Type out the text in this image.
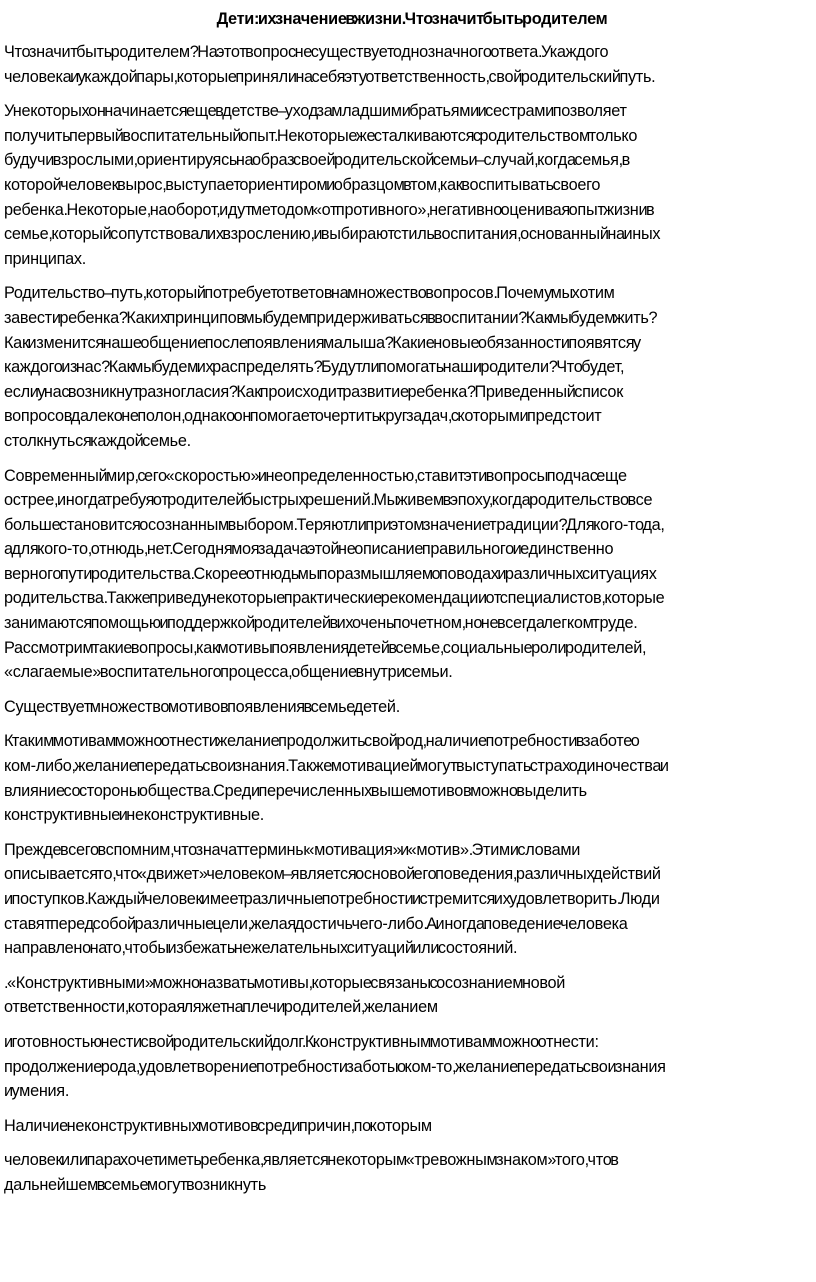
Дети: их значение в жизни. Что значит быть родителем

Что значит быть родителем? На этот вопрос не существует однозначного ответа. У каждого
человека и у каждой пары, которые приняли на себя эту ответственность, свой родительский путь.

У некоторых он начинается еще в детстве – уход за младшими братьями и сестрами позволяет
получить первый воспитательный опыт. Некоторые же сталкиваются с родительством только
будучи взрослыми, ориентируясь на образ своей родительской семьи – случай, когда семья, в
которой человек вырос, выступает ориентиром и образцом в том, как воспитывать своего
ребенка. Некоторые, наоборот, идут методом «от противного», негативно оценивая опыт жизни в
семье, который сопутствовал их взрослению, и выбирают стиль воспитания, основанный на иных
принципах.

Родительство – путь, который потребует ответов на множество вопросов. Почему мы хотим
завести ребенка? Каких принципов мы будем придерживаться в воспитании? Как мы будем жить?
Как изменится наше общение после появления малыша? Какие новые обязанности появятся у
каждого из нас? Как мы будем их распределять? Будут ли помогать наши родители? Что будет,
если у нас возникнут разногласия? Как происходит развитие ребенка? Приведенный список
вопросов далеко не полон, однако он помогает очертить круг задач, с которыми предстоит
столкнуться каждой семье.

Современный мир, с его «скоростью» и неопределенностью, ставит эти вопросы подчас еще
острее, иногда требуя от родителей быстрых решений. Мы живем в эпоху, когда родительство все
больше становится осознанным выбором. Теряют ли при этом значение традиции? Для кого-то да,
а для кого-то, отнюдь, нет. Сегодня моя задача этой не описание правильного и единственно
верного пути родительства. Скорее отнюдь мы поразмышляем о поводах и различных ситуациях
родительства. Также приведу некоторые практические рекомендации от специалистов, которые
занимаются помощью и поддержкой родителей в их очень почетном, но не всегда легком труде.
Рассмотрим такие вопросы, как мотивы появления детей в семье, социальные роли родителей,
«слагаемые» воспитательного процесса, общение внутри семьи.

Существует множество мотивов появления в семье детей.

К таким мотивам можно отнести желание продолжить свой род, наличие потребности в заботе о
ком-либо, желание передать свои знания. Также мотивацией могут выступать страх одиночества и
влияние со стороны общества. Среди перечисленных выше мотивов можно выделить
конструктивные и неконструктивные.

Прежде всего вспомним, что значат термины «мотивация» и «мотив». Этими словами
описывается то, что «движет» человеком – является основой его поведения, различных действий
и поступков. Каждый человек имеет различные потребности и стремится их удовлетворить. Люди
ставят перед собой различные цели, желая достичь чего-либо. А иногда поведение человека
направлено на то, чтобы избежать нежелательных ситуаций или состояний.

. «Конструктивными» можно назвать мотивы, которые связаны с осознанием новой
ответственности, которая ляжет на плечи родителей, желанием

и готовностью нести свой родительский долг. К конструктивным мотивам можно отнести:
продолжение рода, удовлетворение потребности заботы о ком-то, желание передать свои знания
и умения.

Наличие неконструктивных мотивов среди причин, по которым

человек или пара хочет иметь ребенка, является некоторым «тревожным знаком» того, что в
дальнейшем в семье могут возникнуть
